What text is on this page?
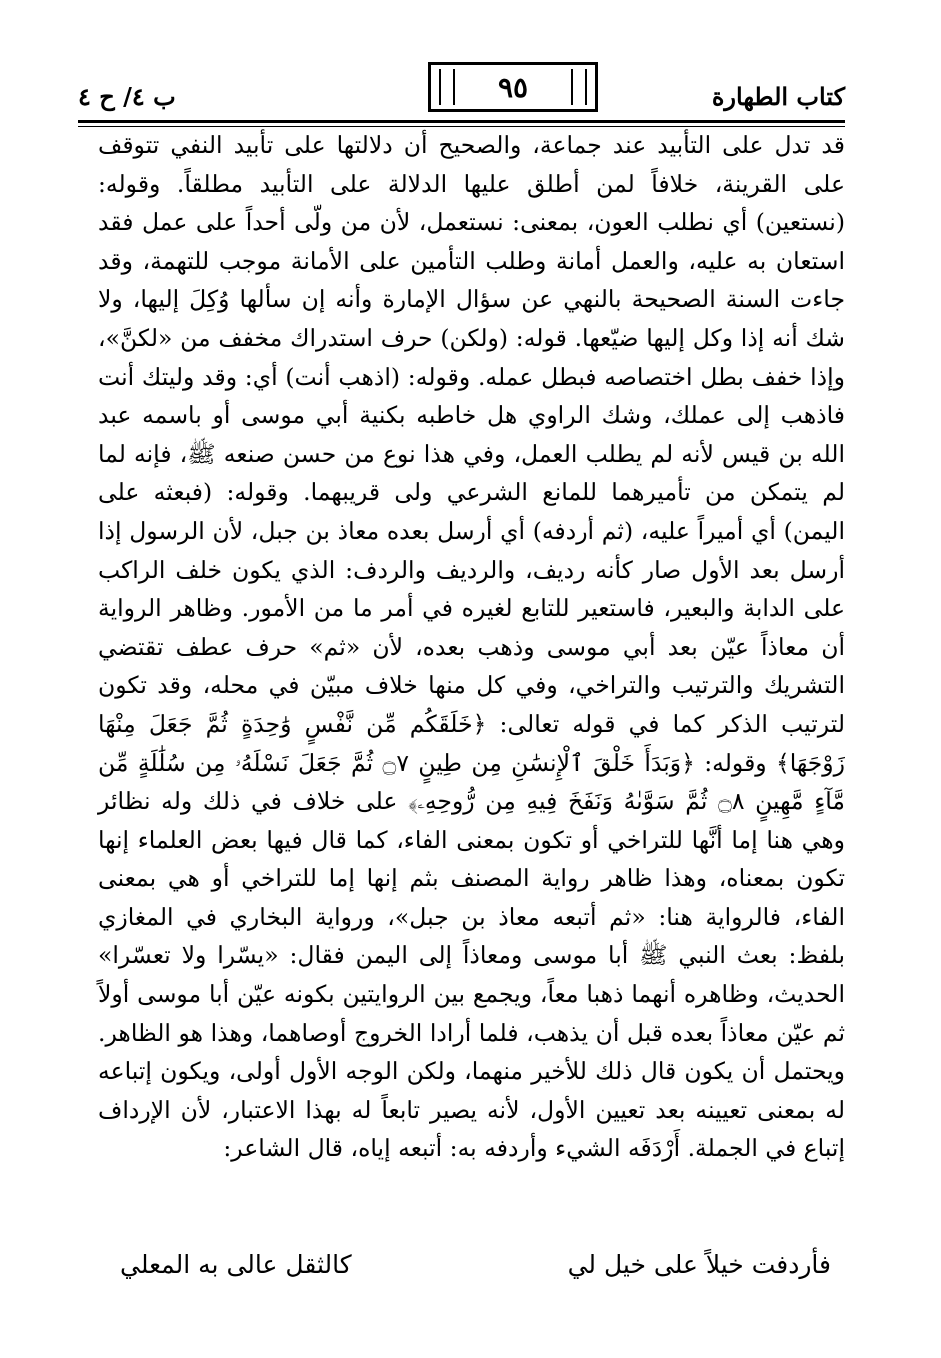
كتاب الطهارة
٩٥
ب ٤/ ح ٤

قد تدل على التأبيد عند جماعة، والصحيح أن دلالتها على تأبيد النفي تتوقف على القرينة، خلافاً لمن أطلق عليها الدلالة على التأبيد مطلقاً. وقوله: (نستعين) أي نطلب العون، بمعنى: نستعمل، لأن من ولّى أحداً على عمل فقد استعان به عليه، والعمل أمانة وطلب التأمين على الأمانة موجب للتهمة، وقد جاءت السنة الصحيحة بالنهي عن سؤال الإمارة وأنه إن سألها وُكِلَ إليها، ولا شك أنه إذا وكل إليها ضيّعها. قوله: (ولكن) حرف استدراك مخفف من «لكنَّ»، وإذا خفف بطل اختصاصه فبطل عمله. وقوله: (اذهب أنت) أي: وقد وليتك أنت فاذهب إلى عملك، وشك الراوي هل خاطبه بكنية أبي موسى أو باسمه عبد الله بن قيس لأنه لم يطلب العمل، وفي هذا نوع من حسن صنعه ﷺ، فإنه لما لم يتمكن من تأميرهما للمانع الشرعي ولى قريبهما. وقوله: (فبعثه على اليمن) أي أميراً عليه، (ثم أردفه) أي أرسل بعده معاذ بن جبل، لأن الرسول إذا أرسل بعد الأول صار كأنه رديف، والرديف والردف: الذي يكون خلف الراكب على الدابة والبعير، فاستعير للتابع لغيره في أمر ما من الأمور. وظاهر الرواية أن معاذاً عيّن بعد أبي موسى وذهب بعده، لأن «ثم» حرف عطف تقتضي التشريك والترتيب والتراخي، وفي كل منها خلاف مبيّن في محله، وقد تكون لترتيب الذكر كما في قوله تعالى: ﴿خَلَقَكُم مِّن نَّفْسٍ وَٰحِدَةٍ ثُمَّ جَعَلَ مِنْهَا زَوْجَهَا﴾ وقوله: ﴿وَبَدَأَ خَلْقَ ٱلْإِنسَٰنِ مِن طِينٍ ۝٧ ثُمَّ جَعَلَ نَسْلَهُۥ مِن سُلَٰلَةٍ مِّن مَّآءٍ مَّهِينٍ ۝٨ ثُمَّ سَوَّىٰهُ وَنَفَخَ فِيهِ مِن رُّوحِهِۦ﴾ على خلاف في ذلك وله نظائر وهي هنا إما أنَّها للتراخي أو تكون بمعنى الفاء، كما قال فيها بعض العلماء إنها تكون بمعناه، وهذا ظاهر رواية المصنف بثم إنها إما للتراخي أو هي بمعنى الفاء، فالرواية هنا: «ثم أتبعه معاذ بن جبل»، ورواية البخاري في المغازي بلفظ: بعث النبي ﷺ أبا موسى ومعاذاً إلى اليمن فقال: «يسّرا ولا تعسّرا» الحديث، وظاهره أنهما ذهبا معاً، ويجمع بين الروايتين بكونه عيّن أبا موسى أولاً ثم عيّن معاذاً بعده قبل أن يذهب، فلما أرادا الخروج أوصاهما، وهذا هو الظاهر. ويحتمل أن يكون قال ذلك للأخير منهما، ولكن الوجه الأول أولى، ويكون إتباعه له بمعنى تعيينه بعد تعيين الأول، لأنه يصير تابعاً له بهذا الاعتبار، لأن الإرداف إتباع في الجملة. أَرْدَفَه الشيء وأردفه به: أتبعه إياه، قال الشاعر:

فأردفت خيلاً على خيل لي
كالثقل عالى به المعلي
